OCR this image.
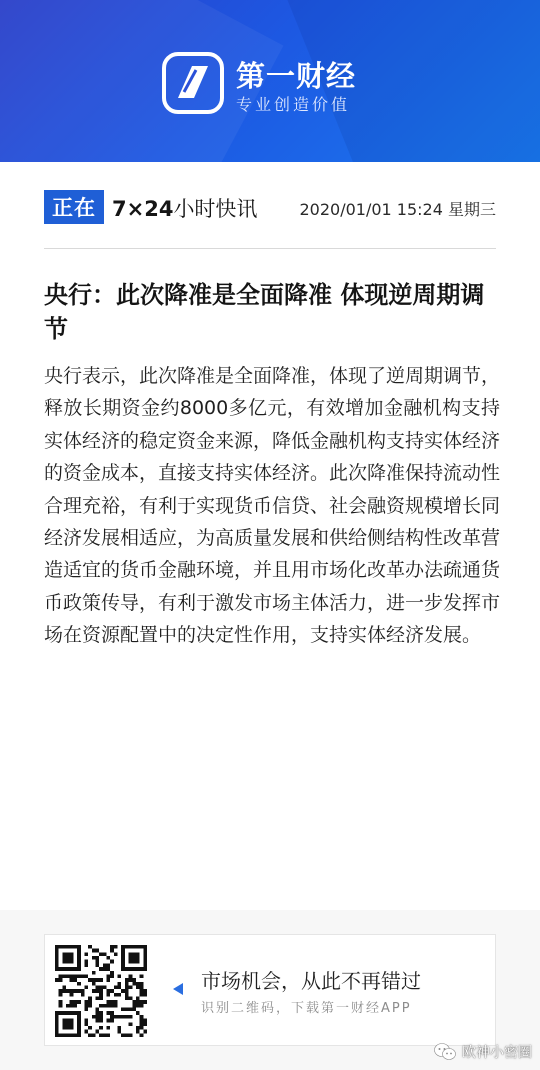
第一财经
专业创造价值
正在 7×24小时快讯	2020/01/01 15:24 星期三
央行：此次降准是全面降准 体现逆周期调节

央行表示，此次降准是全面降准，体现了逆周期调节，释放长期资金约8000多亿元，有效增加金融机构支持实体经济的稳定资金来源，降低金融机构支持实体经济的资金成本，直接支持实体经济。此次降准保持流动性合理充裕，有利于实现货币信贷、社会融资规模增长同经济发展相适应，为高质量发展和供给侧结构性改革营造适宜的货币金融环境，并且用市场化改革办法疏通货币政策传导，有利于激发市场主体活力，进一步发挥市场在资源配置中的决定性作用，支持实体经济发展。

市场机会，从此不再错过
识别二维码，下载第一财经APP
欧神小密圈
